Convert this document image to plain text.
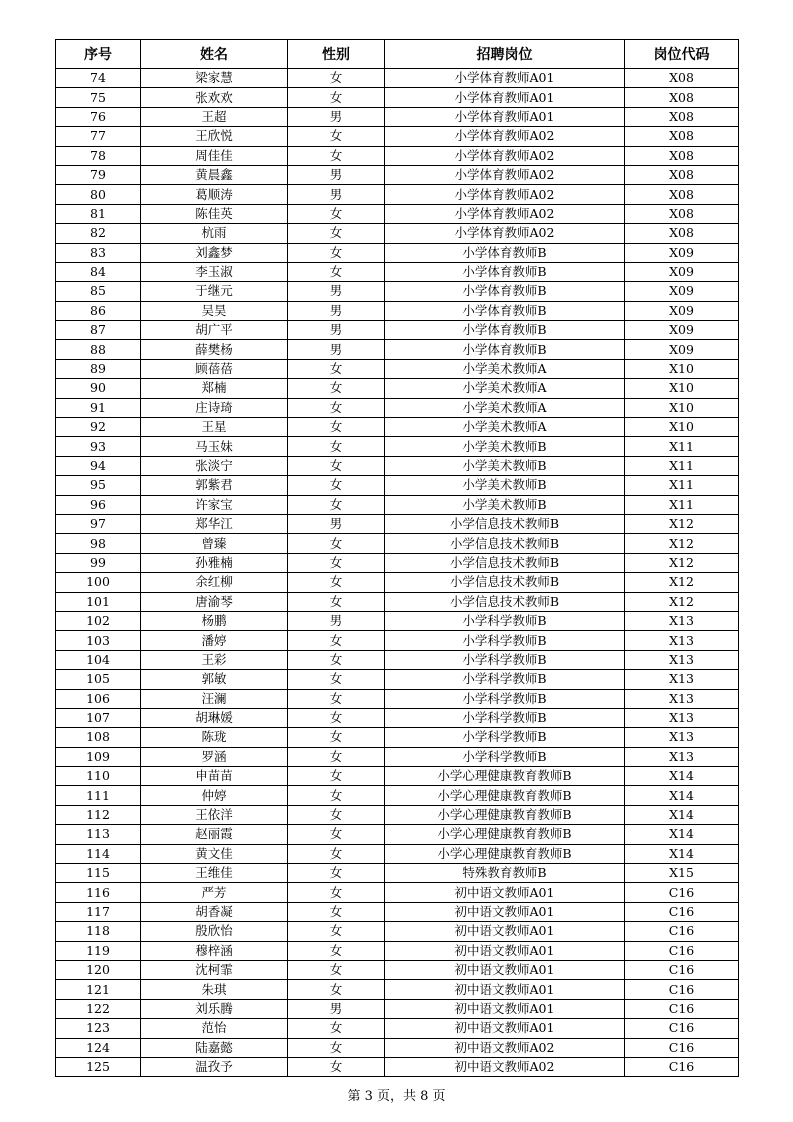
序号	姓名	性别	招聘岗位	岗位代码
74	梁家慧	女	小学体育教师A01	X08
75	张欢欢	女	小学体育教师A01	X08
76	王超	男	小学体育教师A01	X08
77	王欣悦	女	小学体育教师A02	X08
78	周佳佳	女	小学体育教师A02	X08
79	黄晨鑫	男	小学体育教师A02	X08
80	葛顺涛	男	小学体育教师A02	X08
81	陈佳英	女	小学体育教师A02	X08
82	杭雨	女	小学体育教师A02	X08
83	刘鑫梦	女	小学体育教师B	X09
84	李玉淑	女	小学体育教师B	X09
85	于继元	男	小学体育教师B	X09
86	吴昊	男	小学体育教师B	X09
87	胡广平	男	小学体育教师B	X09
88	薛樊杨	男	小学体育教师B	X09
89	顾蓓蓓	女	小学美术教师A	X10
90	郑楠	女	小学美术教师A	X10
91	庄诗琦	女	小学美术教师A	X10
92	王星	女	小学美术教师A	X10
93	马玉妹	女	小学美术教师B	X11
94	张淡宁	女	小学美术教师B	X11
95	郭紫君	女	小学美术教师B	X11
96	许家宝	女	小学美术教师B	X11
97	郑华江	男	小学信息技术教师B	X12
98	曾臻	女	小学信息技术教师B	X12
99	孙雅楠	女	小学信息技术教师B	X12
100	余红柳	女	小学信息技术教师B	X12
101	唐渝琴	女	小学信息技术教师B	X12
102	杨鹏	男	小学科学教师B	X13
103	潘婷	女	小学科学教师B	X13
104	王彩	女	小学科学教师B	X13
105	郭敏	女	小学科学教师B	X13
106	汪澜	女	小学科学教师B	X13
107	胡琳媛	女	小学科学教师B	X13
108	陈珑	女	小学科学教师B	X13
109	罗涵	女	小学科学教师B	X13
110	申苗苗	女	小学心理健康教育教师B	X14
111	仲婷	女	小学心理健康教育教师B	X14
112	王依洋	女	小学心理健康教育教师B	X14
113	赵丽霞	女	小学心理健康教育教师B	X14
114	黄文佳	女	小学心理健康教育教师B	X14
115	王维佳	女	特殊教育教师B	X15
116	严芳	女	初中语文教师A01	C16
117	胡香凝	女	初中语文教师A01	C16
118	殷欣怡	女	初中语文教师A01	C16
119	穆梓涵	女	初中语文教师A01	C16
120	沈柯霏	女	初中语文教师A01	C16
121	朱琪	女	初中语文教师A01	C16
122	刘乐腾	男	初中语文教师A01	C16
123	范怡	女	初中语文教师A01	C16
124	陆嘉懿	女	初中语文教师A02	C16
125	温孜予	女	初中语文教师A02	C16
第 3 页，共 8 页
